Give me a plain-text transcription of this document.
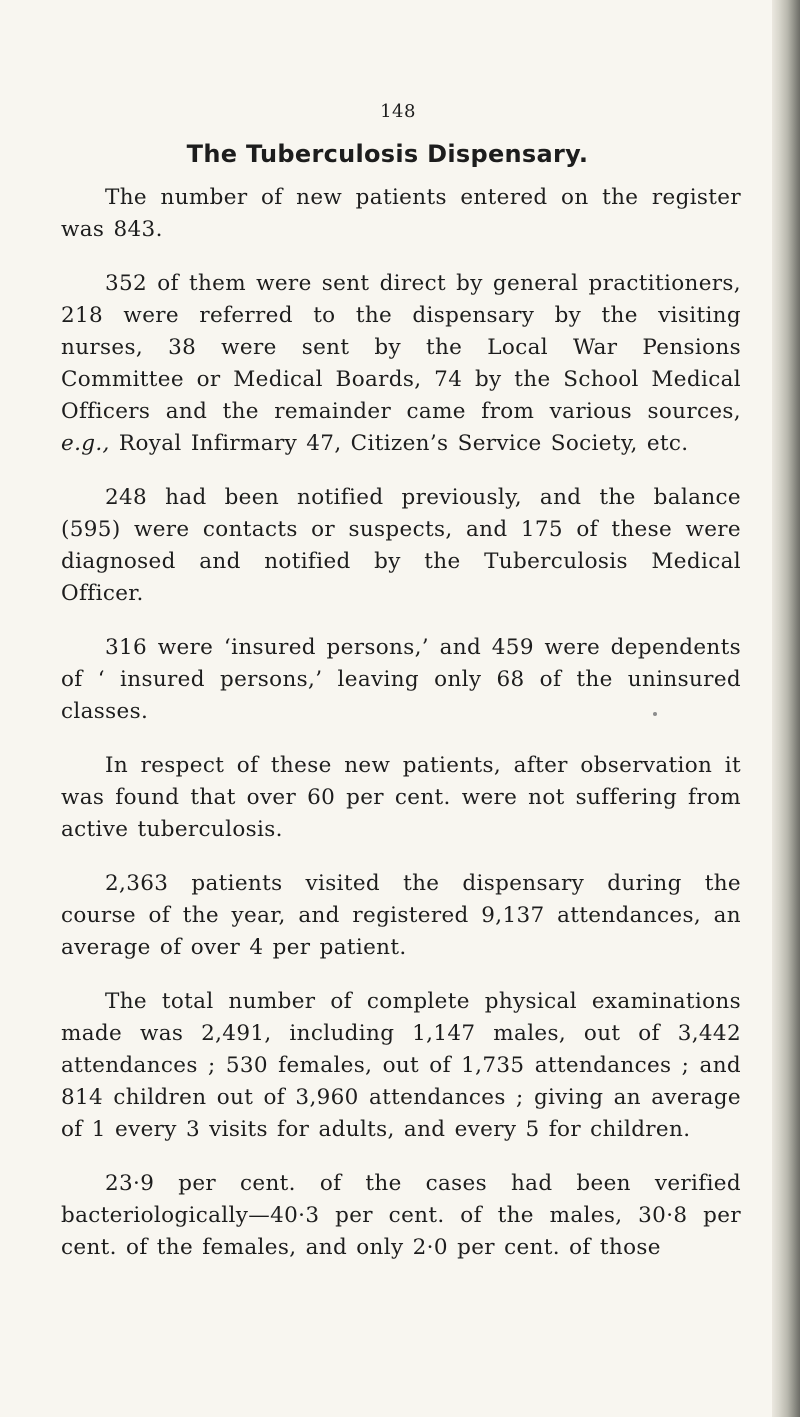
148
The Tuberculosis Dispensary.

The number of new patients entered on the register was 843.

352 of them were sent direct by general practitioners, 218 were referred to the dispensary by the visiting nurses, 38 were sent by the Local War Pensions Committee or Medical Boards, 74 by the School Medical Officers and the remainder came from various sources, e.g., Royal Infirmary 47, Citizen’s Service Society, etc.

248 had been notified previously, and the balance (595) were contacts or suspects, and 175 of these were diagnosed and notified by the Tuberculosis Medical Officer.

316 were ‘insured persons,’ and 459 were dependents of ‘ insured persons,’ leaving only 68 of the uninsured classes.

In respect of these new patients, after observation it was found that over 60 per cent. were not suffering from active tuberculosis.

2,363 patients visited the dispensary during the course of the year, and registered 9,137 attendances, an average of over 4 per patient.

The total number of complete physical examinations made was 2,491, including 1,147 males, out of 3,442 attendances ; 530 females, out of 1,735 attendances ; and 814 children out of 3,960 attendances ; giving an average of 1 every 3 visits for adults, and every 5 for children.

23·9 per cent. of the cases had been verified bacteriologically—40·3 per cent. of the males, 30·8 per cent. of the females, and only 2·0 per cent. of those
